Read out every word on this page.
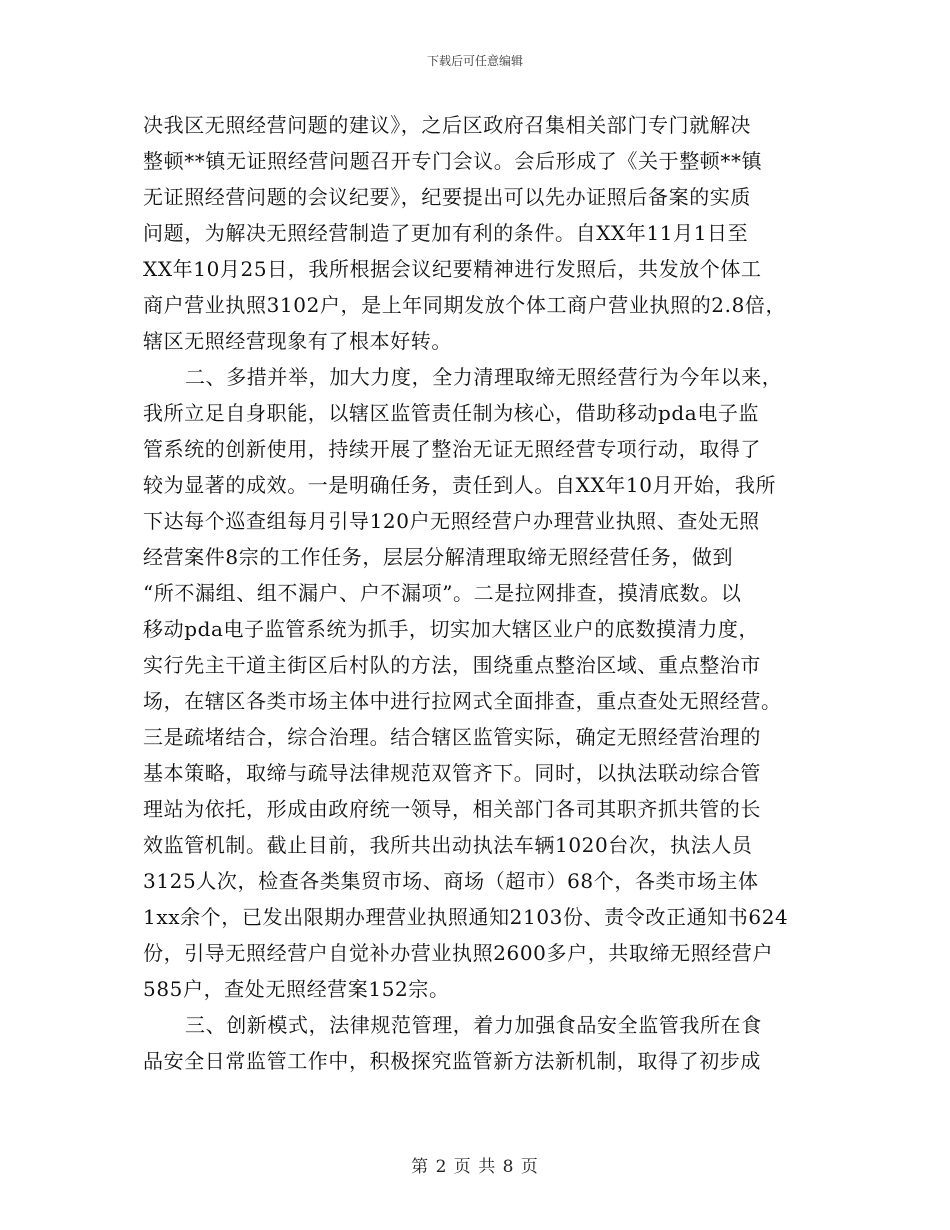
下载后可任意编辑
决我区无照经营问题的建议》，之后区政府召集相关部门专门就解决
整顿**镇无证照经营问题召开专门会议。会后形成了《关于整顿**镇
无证照经营问题的会议纪要》，纪要提出可以先办证照后备案的实质
问题，为解决无照经营制造了更加有利的条件。自XX年11月1日至
XX年10月25日，我所根据会议纪要精神进行发照后，共发放个体工
商户营业执照3102户，是上年同期发放个体工商户营业执照的2.8倍，
辖区无照经营现象有了根本好转。
二、多措并举，加大力度，全力清理取缔无照经营行为今年以来，
我所立足自身职能，以辖区监管责任制为核心，借助移动pda电子监
管系统的创新使用，持续开展了整治无证无照经营专项行动，取得了
较为显著的成效。一是明确任务，责任到人。自XX年10月开始，我所
下达每个巡查组每月引导120户无照经营户办理营业执照、查处无照
经营案件8宗的工作任务，层层分解清理取缔无照经营任务，做到
“所不漏组、组不漏户、户不漏项”。二是拉网排查，摸清底数。以
移动pda电子监管系统为抓手，切实加大辖区业户的底数摸清力度，
实行先主干道主街区后村队的方法，围绕重点整治区域、重点整治市
场，在辖区各类市场主体中进行拉网式全面排查，重点查处无照经营。
三是疏堵结合，综合治理。结合辖区监管实际，确定无照经营治理的
基本策略，取缔与疏导法律规范双管齐下。同时，以执法联动综合管
理站为依托，形成由政府统一领导，相关部门各司其职齐抓共管的长
效监管机制。截止目前，我所共出动执法车辆1020台次，执法人员
3125人次，检查各类集贸市场、商场（超市）68个，各类市场主体
1xx余个，已发出限期办理营业执照通知2103份、责令改正通知书624
份，引导无照经营户自觉补办营业执照2600多户，共取缔无照经营户
585户，查处无照经营案152宗。
三、创新模式，法律规范管理，着力加强食品安全监管我所在食
品安全日常监管工作中，积极探究监管新方法新机制，取得了初步成
第 2 页 共 8 页
